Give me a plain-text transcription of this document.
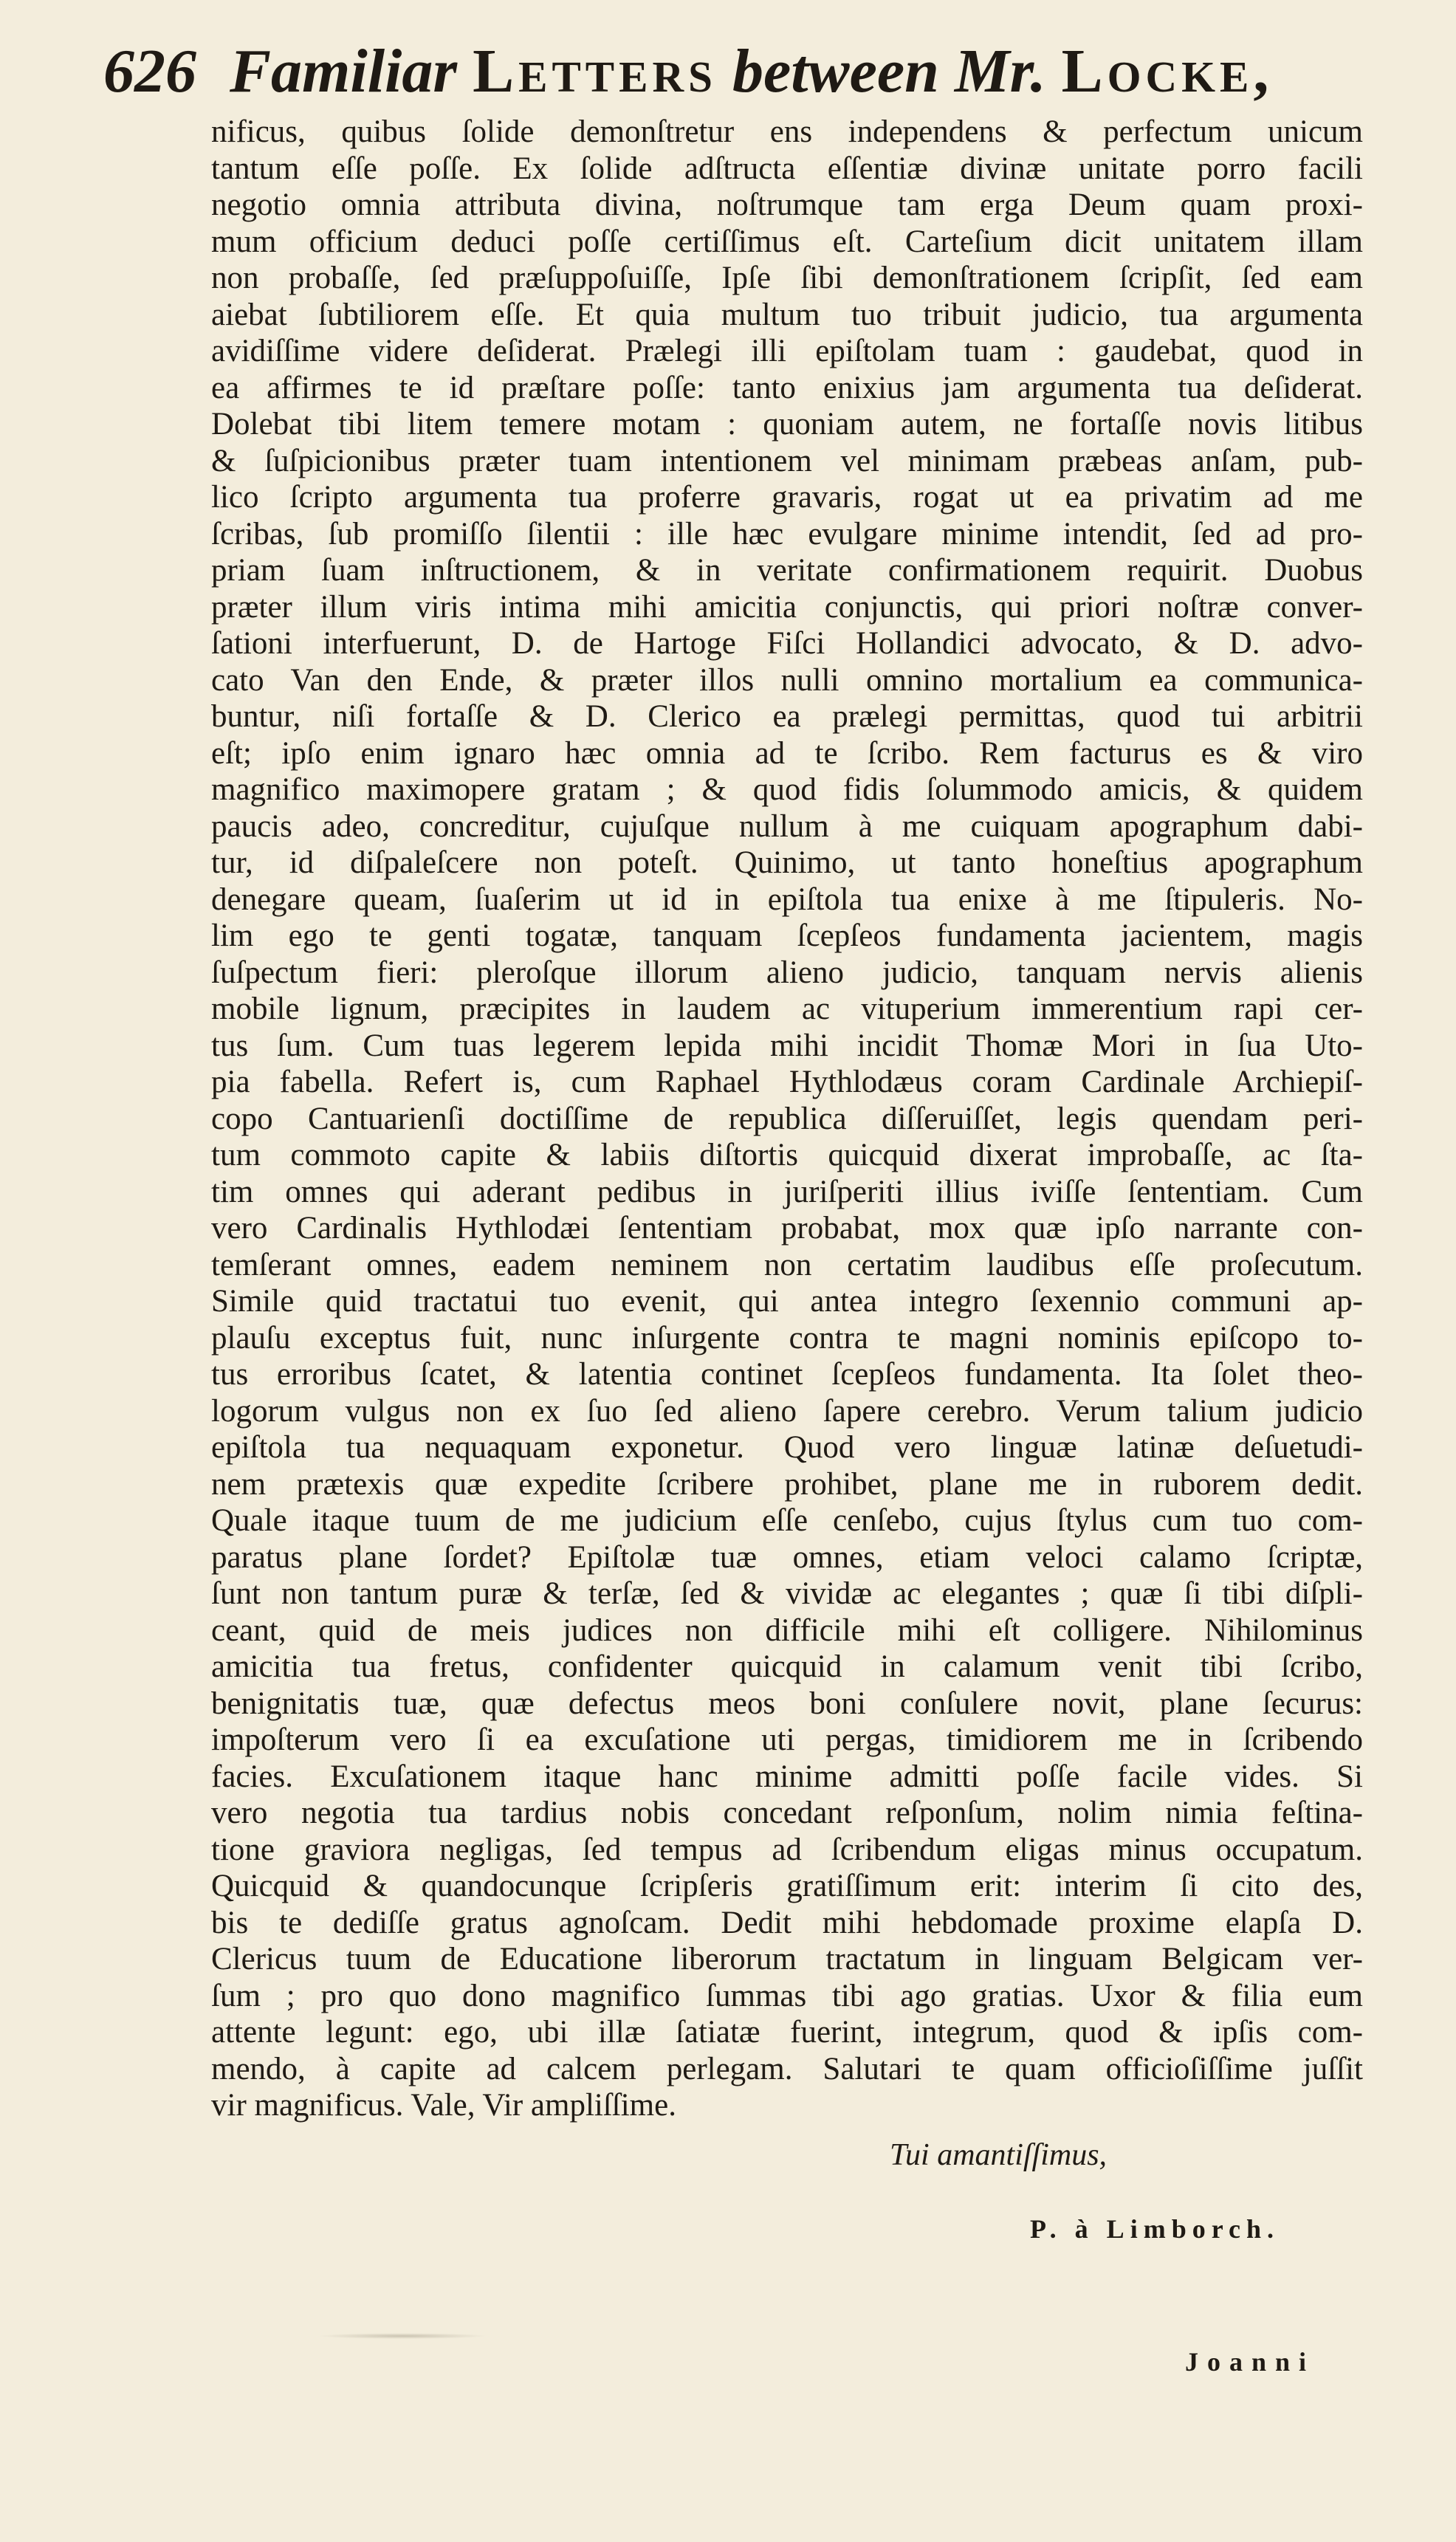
626 Familiar Letters between Mr. Locke,
nificus, quibus ſolide demonſtretur ens independens & perfectum unicum
tantum eſſe poſſe. Ex ſolide adſtructa eſſentiæ divinæ unitate porro facili
negotio omnia attributa divina, noſtrumque tam erga Deum quam proxi-
mum officium deduci poſſe certiſſimus eſt. Carteſium dicit unitatem illam
non probaſſe, ſed præſuppoſuiſſe, Ipſe ſibi demonſtrationem ſcripſit, ſed eam
aiebat ſubtiliorem eſſe. Et quia multum tuo tribuit judicio, tua argumenta
avidiſſime videre deſiderat. Prælegi illi epiſtolam tuam : gaudebat, quod in
ea affirmes te id præſtare poſſe: tanto enixius jam argumenta tua deſiderat.
Dolebat tibi litem temere motam : quoniam autem, ne fortaſſe novis litibus
& ſuſpicionibus præter tuam intentionem vel minimam præbeas anſam, pub-
lico ſcripto argumenta tua proferre gravaris, rogat ut ea privatim ad me
ſcribas, ſub promiſſo ſilentii : ille hæc evulgare minime intendit, ſed ad pro-
priam ſuam inſtructionem, & in veritate confirmationem requirit. Duobus
præter illum viris intima mihi amicitia conjunctis, qui priori noſtræ conver-
ſationi interfuerunt, D. de Hartoge Fiſci Hollandici advocato, & D. advo-
cato Van den Ende, & præter illos nulli omnino mortalium ea communica-
buntur, niſi fortaſſe & D. Clerico ea prælegi permittas, quod tui arbitrii
eſt; ipſo enim ignaro hæc omnia ad te ſcribo. Rem facturus es & viro
magnifico maximopere gratam ; & quod fidis ſolummodo amicis, & quidem
paucis adeo, concreditur, cujuſque nullum à me cuiquam apographum dabi-
tur, id diſpaleſcere non poteſt. Quinimo, ut tanto honeſtius apographum
denegare queam, ſuaſerim ut id in epiſtola tua enixe à me ſtipuleris. No-
lim ego te genti togatæ, tanquam ſcepſeos fundamenta jacientem, magis
ſuſpectum fieri: pleroſque illorum alieno judicio, tanquam nervis alienis
mobile lignum, præcipites in laudem ac vituperium immerentium rapi cer-
tus ſum. Cum tuas legerem lepida mihi incidit Thomæ Mori in ſua Uto-
pia fabella. Refert is, cum Raphael Hythlodæus coram Cardinale Archiepiſ-
copo Cantuarienſi doctiſſime de republica diſſeruiſſet, legis quendam peri-
tum commoto capite & labiis diſtortis quicquid dixerat improbaſſe, ac ſta-
tim omnes qui aderant pedibus in juriſperiti illius iviſſe ſententiam. Cum
vero Cardinalis Hythlodæi ſententiam probabat, mox quæ ipſo narrante con-
temſerant omnes, eadem neminem non certatim laudibus eſſe proſecutum.
Simile quid tractatui tuo evenit, qui antea integro ſexennio communi ap-
plauſu exceptus fuit, nunc inſurgente contra te magni nominis epiſcopo to-
tus erroribus ſcatet, & latentia continet ſcepſeos fundamenta. Ita ſolet theo-
logorum vulgus non ex ſuo ſed alieno ſapere cerebro. Verum talium judicio
epiſtola tua nequaquam exponetur. Quod vero linguæ latinæ deſuetudi-
nem prætexis quæ expedite ſcribere prohibet, plane me in ruborem dedit.
Quale itaque tuum de me judicium eſſe cenſebo, cujus ſtylus cum tuo com-
paratus plane ſordet? Epiſtolæ tuæ omnes, etiam veloci calamo ſcriptæ,
ſunt non tantum puræ & terſæ, ſed & vividæ ac elegantes ; quæ ſi tibi diſpli-
ceant, quid de meis judices non difficile mihi eſt colligere. Nihilominus
amicitia tua fretus, confidenter quicquid in calamum venit tibi ſcribo,
benignitatis tuæ, quæ defectus meos boni conſulere novit, plane ſecurus:
impoſterum vero ſi ea excuſatione uti pergas, timidiorem me in ſcribendo
facies. Excuſationem itaque hanc minime admitti poſſe facile vides. Si
vero negotia tua tardius nobis concedant reſponſum, nolim nimia feſtina-
tione graviora negligas, ſed tempus ad ſcribendum eligas minus occupatum.
Quicquid & quandocunque ſcripſeris gratiſſimum erit: interim ſi cito des,
bis te dediſſe gratus agnoſcam. Dedit mihi hebdomade proxime elapſa D.
Clericus tuum de Educatione liberorum tractatum in linguam Belgicam ver-
ſum ; pro quo dono magnifico ſummas tibi ago gratias. Uxor & filia eum
attente legunt: ego, ubi illæ ſatiatæ fuerint, integrum, quod & ipſis com-
mendo, à capite ad calcem perlegam. Salutari te quam officioſiſſime juſſit
vir magnificus. Vale, Vir ampliſſime.
Tui amantiſſimus,
P. à Limborch.
Joanni
